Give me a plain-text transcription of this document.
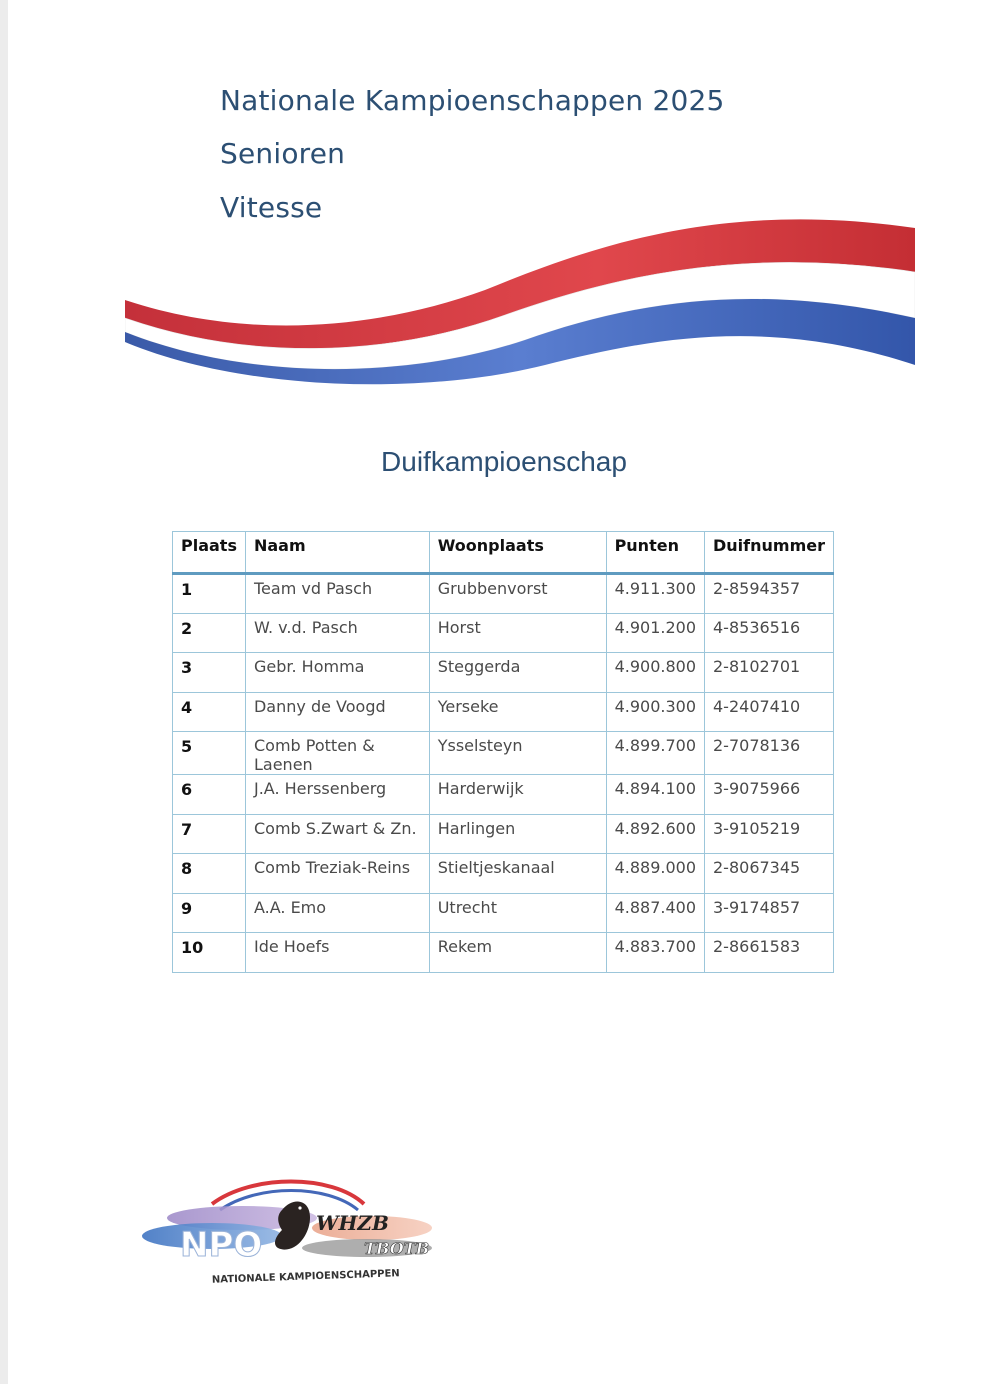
Nationale Kampioenschappen 2025
Senioren
Vitesse
Duifkampioenschap
Plaats	Naam	Woonplaats	Punten	Duifnummer
1	Team vd Pasch	Grubbenvorst	4.911.300	2-8594357
2	W. v.d. Pasch	Horst	4.901.200	4-8536516
3	Gebr. Homma	Steggerda	4.900.800	2-8102701
4	Danny de Voogd	Yerseke	4.900.300	4-2407410
5	Comb Potten & Laenen	Ysselsteyn	4.899.700	2-7078136
6	J.A. Herssenberg	Harderwijk	4.894.100	3-9075966
7	Comb S.Zwart & Zn.	Harlingen	4.892.600	3-9105219
8	Comb Treziak-Reins	Stieltjeskanaal	4.889.000	2-8067345
9	A.A. Emo	Utrecht	4.887.400	3-9174857
10	Ide Hoefs	Rekem	4.883.700	2-8661583
NPO
WHZB
TBOTB
NATIONALE KAMPIOENSCHAPPEN
